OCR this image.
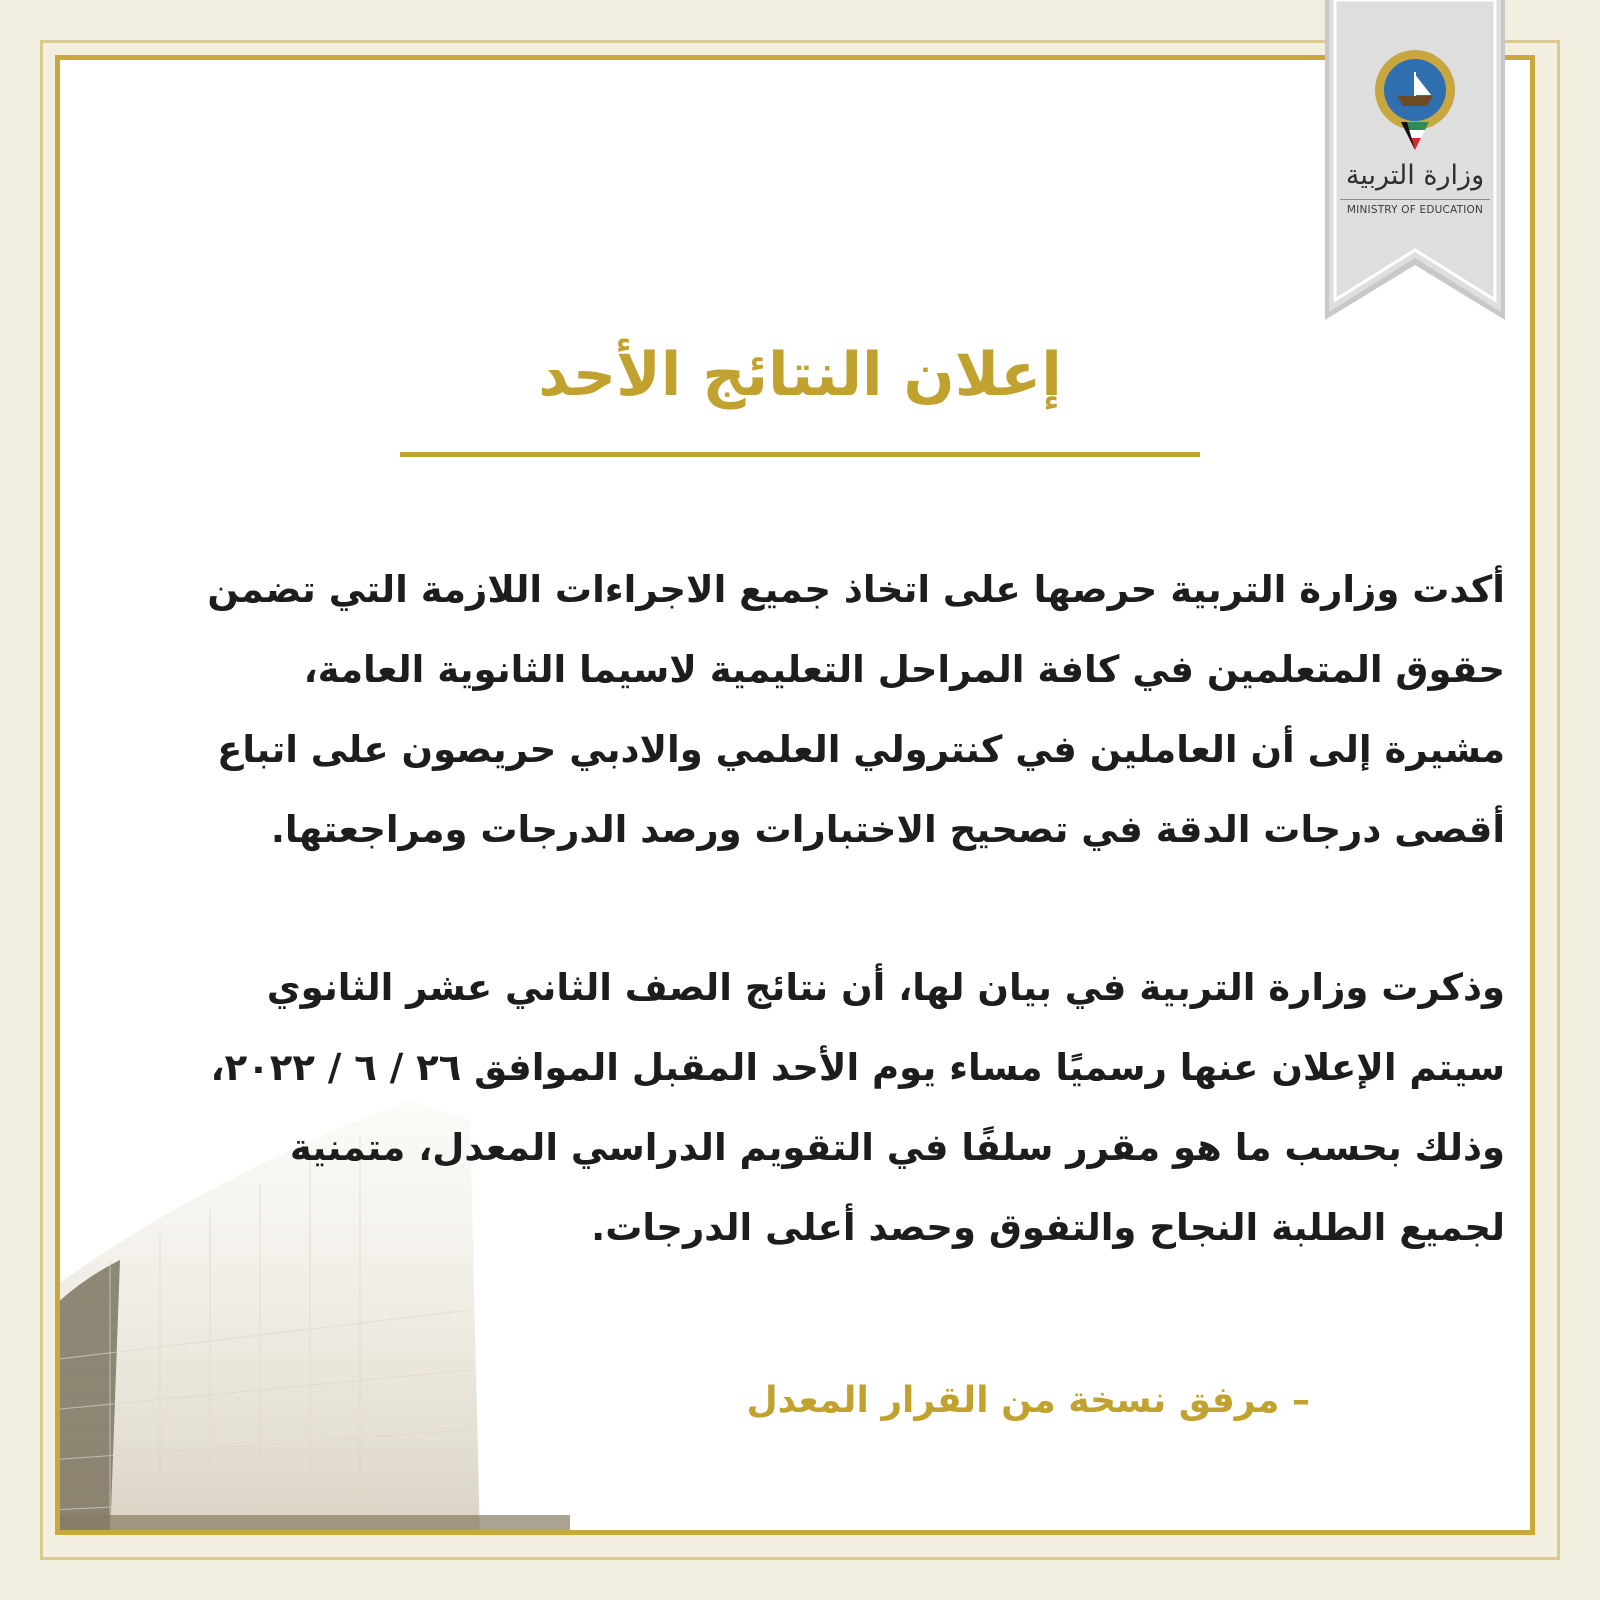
وزارة التربية
MINISTRY OF EDUCATION
إعلان النتائج الأحد
أكدت وزارة التربية حرصها على اتخاذ جميع الاجراءات اللازمة التي تضمن
حقوق المتعلمين في كافة المراحل التعليمية لاسيما الثانوية العامة،
مشيرة إلى أن العاملين في كنترولي العلمي والادبي حريصون على اتباع
أقصى درجات الدقة في تصحيح الاختبارات ورصد الدرجات ومراجعتها.
وذكرت وزارة التربية في بيان لها، أن نتائج الصف الثاني عشر الثانوي
سيتم الإعلان عنها رسميًا مساء يوم الأحد المقبل الموافق ٢٦ / ٦ / ٢٠٢٢،
وذلك بحسب ما هو مقرر سلفًا في التقويم الدراسي المعدل، متمنية
لجميع الطلبة النجاح والتفوق وحصد أعلى الدرجات.
– مرفق نسخة من القرار المعدل
